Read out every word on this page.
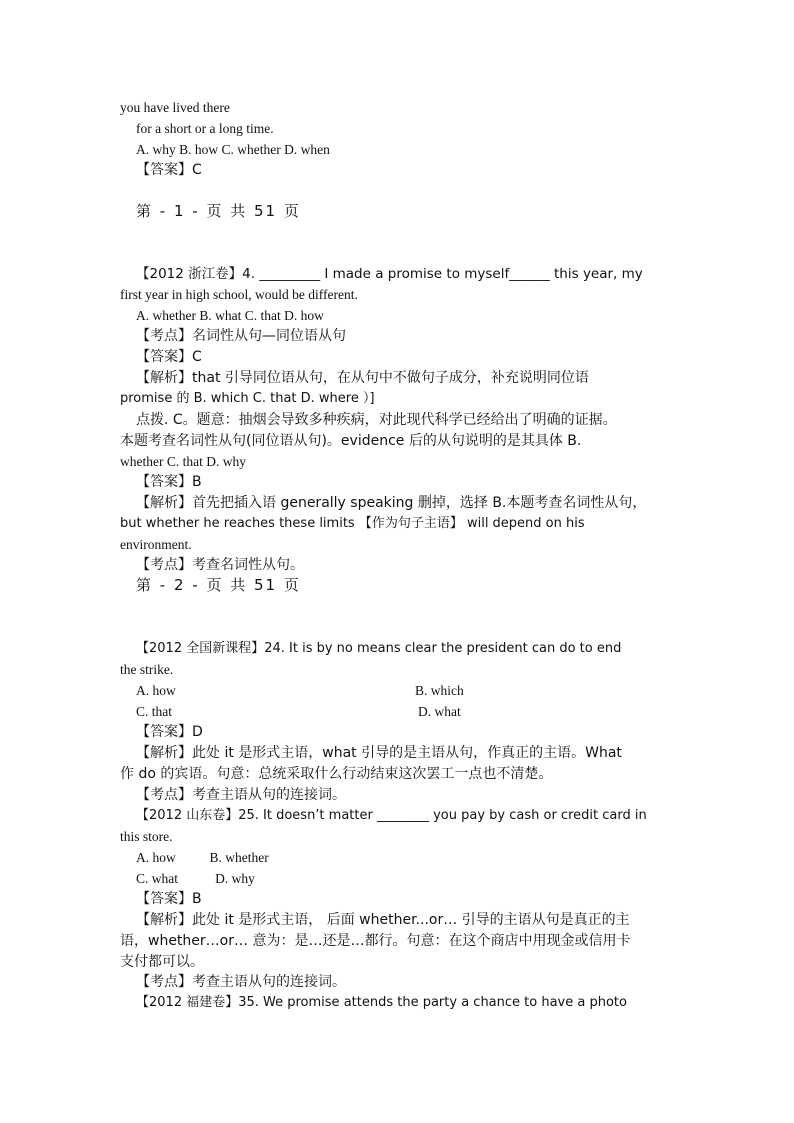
you have lived there
for a short or a long time.
A. why B. how C. whether D. when
【答案】C
第 - 1 - 页 共 51 页
【2012 浙江卷】4. _________ I made a promise to myself______ this year, my
first year in high school, would be different.
A. whether B. what C. that D. how
【考点】名词性从句—同位语从句
【答案】C
【解析】that 引导同位语从句，在从句中不做句子成分，补充说明同位语
promise 的 B. which C. that D. where ）]
点拨. C。题意：抽烟会导致多种疾病，对此现代科学已经给出了明确的证据。
本题考查名词性从句(同位语从句)。evidence 后的从句说明的是其具体 B.
whether C. that D. why
【答案】B
【解析】首先把插入语 generally speaking 删掉，选择 B.本题考查名词性从句，
but whether he reaches these limits 【作为句子主语】 will depend on his
environment.
【考点】考查名词性从句。
第 - 2 - 页 共 51 页
【2012 全国新课程】24. It is by no means clear the president can do to end
the strike.
A. how	B. which
C. that	D. what
【答案】D
【解析】此处 it 是形式主语，what 引导的是主语从句，作真正的主语。What
作 do 的宾语。句意：总统采取什么行动结束这次罢工一点也不清楚。
【考点】考查主语从句的连接词。
【2012 山东卷】25. It doesn’t matter ________ you pay by cash or credit card in
this store.
A. how          B. whether
C. what           D. why
【答案】B
【解析】此处 it 是形式主语， 后面 whether...or… 引导的主语从句是真正的主
语，whether…or… 意为：是…还是…都行。句意：在这个商店中用现金或信用卡
支付都可以。
【考点】考查主语从句的连接词。
【2012 福建卷】35. We promise attends the party a chance to have a photo
